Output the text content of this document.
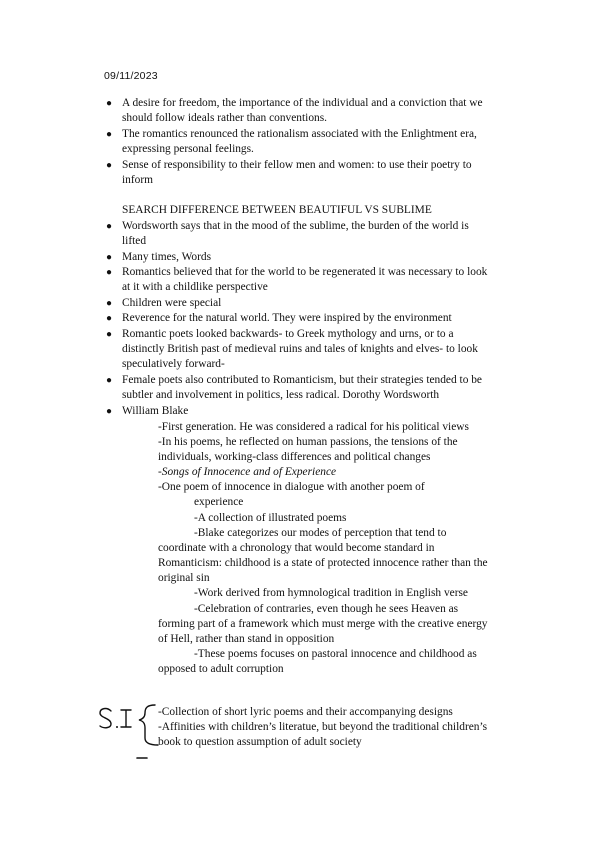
09/11/2023
● A desire for freedom, the importance of the individual and a conviction that we
should follow ideals rather than conventions.
● The romantics renounced the rationalism associated with the Enlightment era,
expressing personal feelings.
● Sense of responsibility to their fellow men and women: to use their poetry to
inform
SEARCH DIFFERENCE BETWEEN BEAUTIFUL VS SUBLIME
● Wordsworth says that in the mood of the sublime, the burden of the world is
lifted
● Many times, Words
● Romantics believed that for the world to be regenerated it was necessary to look
at it with a childlike perspective
● Children were special
● Reverence for the natural world. They were inspired by the environment
● Romantic poets looked backwards- to Greek mythology and urns, or to a
distinctly British past of medieval ruins and tales of knights and elves- to look
speculatively forward-
● Female poets also contributed to Romanticism, but their strategies tended to be
subtler and involvement in politics, less radical. Dorothy Wordsworth
● William Blake
-First generation. He was considered a radical for his political views
-In his poems, he reflected on human passions, the tensions of the
individuals, working-class differences and political changes
-Songs of Innocence and of Experience
-One poem of innocence in dialogue with another poem of
experience
-A collection of illustrated poems
-Blake categorizes our modes of perception that tend to
coordinate with a chronology that would become standard in
Romanticism: childhood is a state of protected innocence rather than the
original sin
-Work derived from hymnological tradition in English verse
-Celebration of contraries, even though he sees Heaven as
forming part of a framework which must merge with the creative energy
of Hell, rather than stand in opposition
-These poems focuses on pastoral innocence and childhood as
opposed to adult corruption
-Collection of short lyric poems and their accompanying designs
-Affinities with children’s literatue, but beyond the traditional children’s
book to question assumption of adult society
